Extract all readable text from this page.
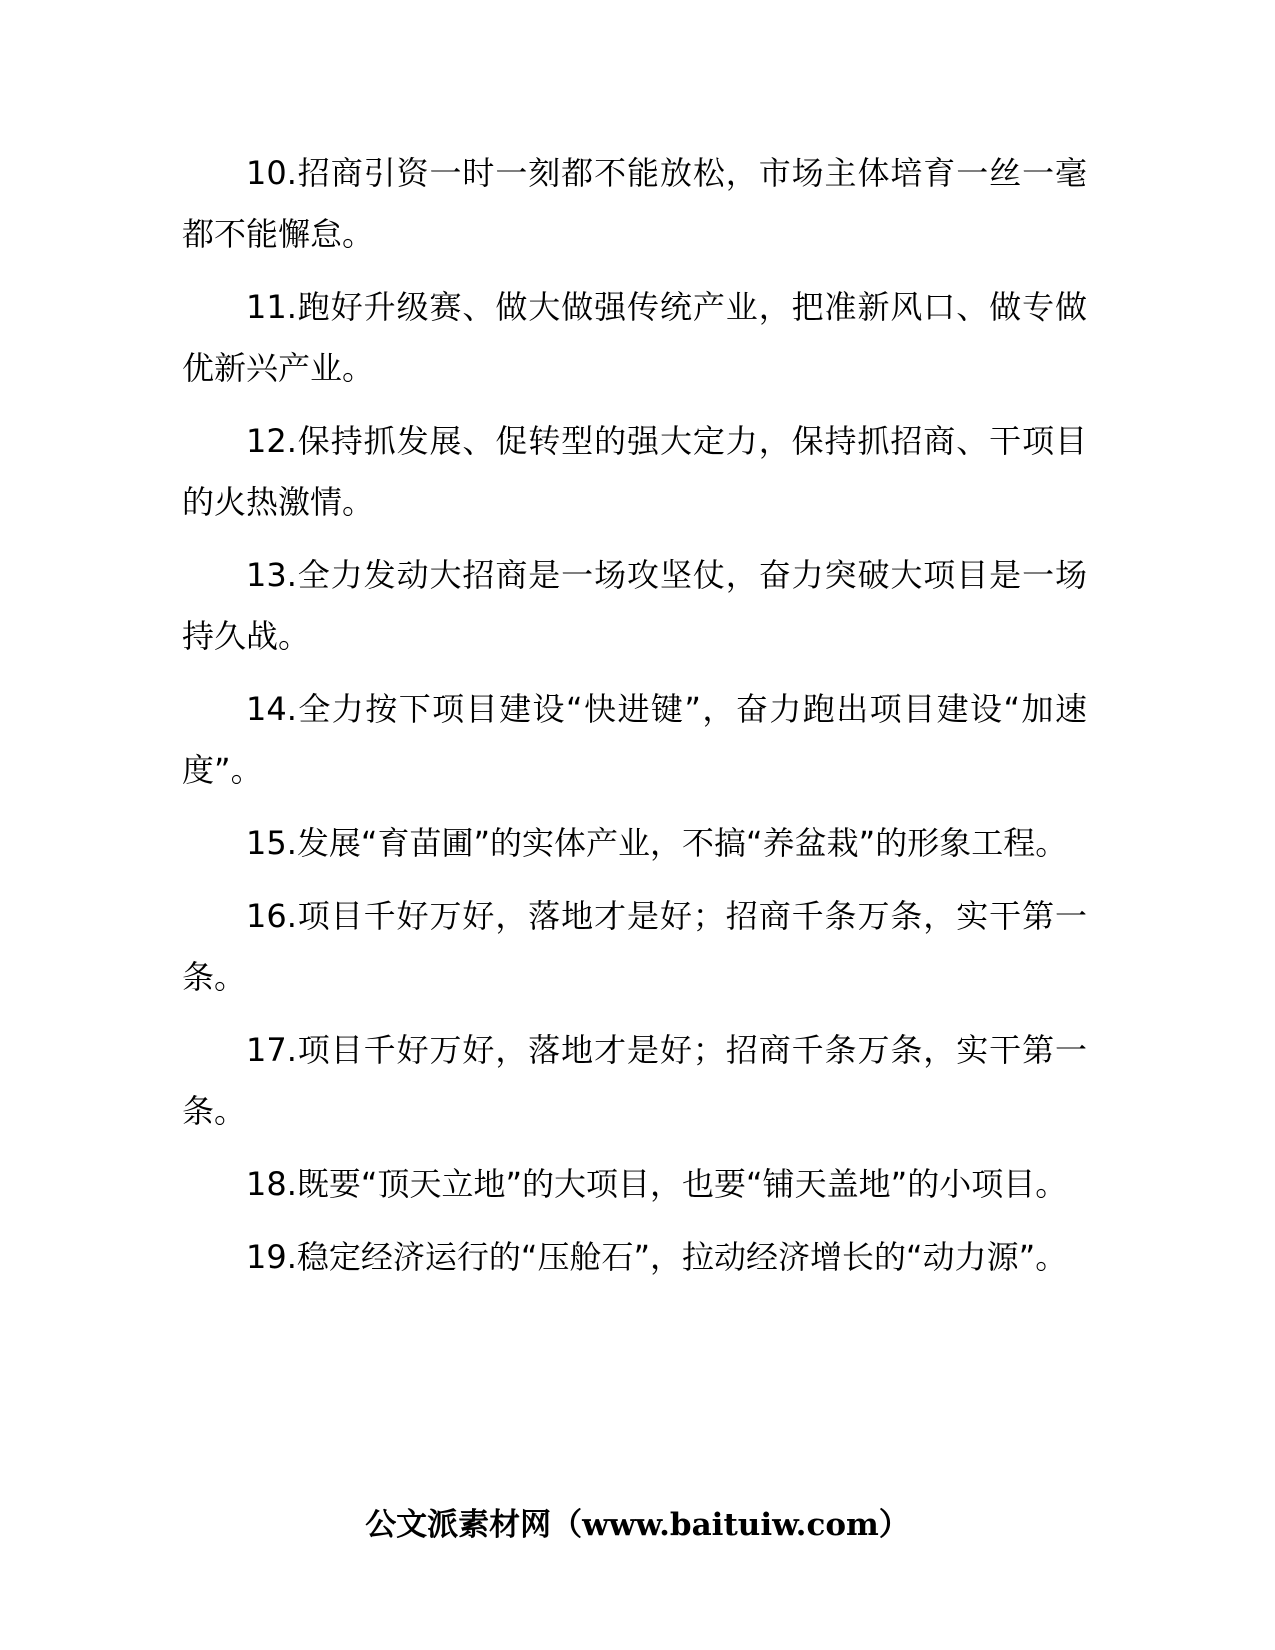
10.招商引资一时一刻都不能放松，市场主体培育一丝一毫都不能懈怠。

11.跑好升级赛、做大做强传统产业，把准新风口、做专做优新兴产业。

12.保持抓发展、促转型的强大定力，保持抓招商、干项目的火热激情。

13.全力发动大招商是一场攻坚仗，奋力突破大项目是一场持久战。

14.全力按下项目建设“快进键”，奋力跑出项目建设“加速度”。

15.发展“育苗圃”的实体产业，不搞“养盆栽”的形象工程。

16.项目千好万好，落地才是好；招商千条万条，实干第一条。

17.项目千好万好，落地才是好；招商千条万条，实干第一条。

18.既要“顶天立地”的大项目，也要“铺天盖地”的小项目。

19.稳定经济运行的“压舱石”，拉动经济增长的“动力源”。

公文派素材网（www.baituiw.com）
